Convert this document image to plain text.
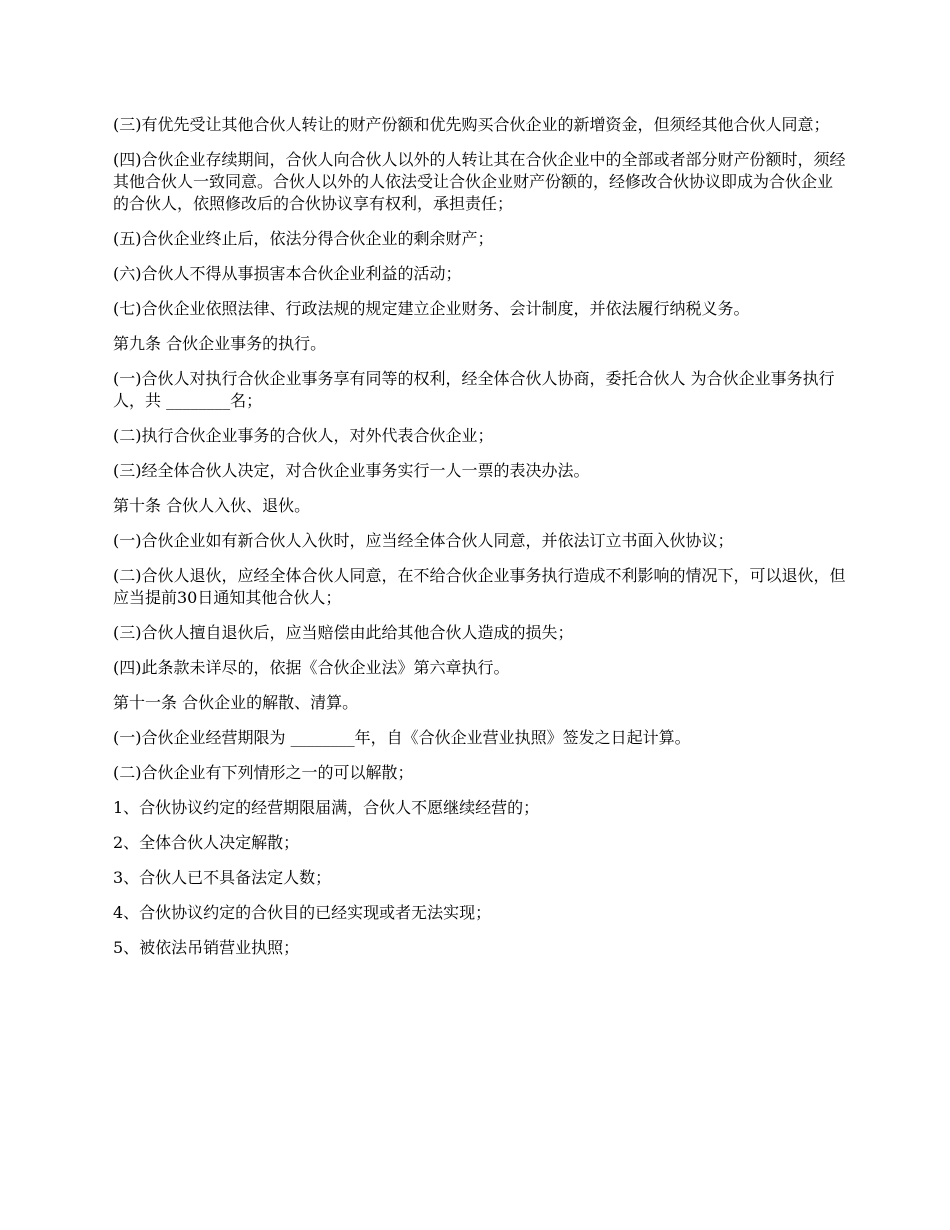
(三)有优先受让其他合伙人转让的财产份额和优先购买合伙企业的新增资金，但须经其他合伙人同意；

(四)合伙企业存续期间，合伙人向合伙人以外的人转让其在合伙企业中的全部或者部分财产份额时，须经其他合伙人一致同意。合伙人以外的人依法受让合伙企业财产份额的，经修改合伙协议即成为合伙企业的合伙人，依照修改后的合伙协议享有权利，承担责任；

(五)合伙企业终止后，依法分得合伙企业的剩余财产；

(六)合伙人不得从事损害本合伙企业利益的活动；

(七)合伙企业依照法律、行政法规的规定建立企业财务、会计制度，并依法履行纳税义务。

第九条 合伙企业事务的执行。

(一)合伙人对执行合伙企业事务享有同等的权利，经全体合伙人协商，委托合伙人 为合伙企业事务执行人，共 ________名；

(二)执行合伙企业事务的合伙人，对外代表合伙企业；

(三)经全体合伙人决定，对合伙企业事务实行一人一票的表决办法。

第十条 合伙人入伙、退伙。

(一)合伙企业如有新合伙人入伙时，应当经全体合伙人同意，并依法订立书面入伙协议；

(二)合伙人退伙，应经全体合伙人同意，在不给合伙企业事务执行造成不利影响的情况下，可以退伙，但应当提前30日通知其他合伙人；

(三)合伙人擅自退伙后，应当赔偿由此给其他合伙人造成的损失；

(四)此条款未详尽的，依据《合伙企业法》第六章执行。

第十一条 合伙企业的解散、清算。

(一)合伙企业经营期限为 ________年，自《合伙企业营业执照》签发之日起计算。

(二)合伙企业有下列情形之一的可以解散；

1、合伙协议约定的经营期限届满，合伙人不愿继续经营的；

2、全体合伙人决定解散；

3、合伙人已不具备法定人数；

4、合伙协议约定的合伙目的已经实现或者无法实现；

5、被依法吊销营业执照；
